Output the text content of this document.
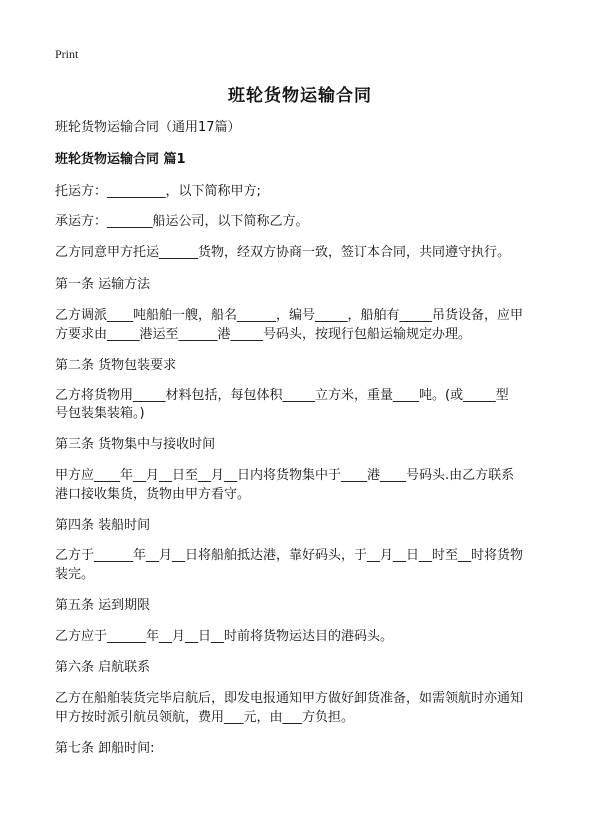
Print
班轮货物运输合同
班轮货物运输合同（通用17篇）
班轮货物运输合同 篇1
托运方：_________，以下简称甲方;
承运方：_______船运公司，以下简称乙方。
乙方同意甲方托运______货物，经双方协商一致，签订本合同，共同遵守执行。
第一条 运输方法
乙方调派____吨船舶一艘，船名______，编号_____，船舶有_____吊货设备，应甲
方要求由_____港运至______港_____号码头，按现行包船运输规定办理。
第二条 货物包装要求
乙方将货物用_____材料包括，每包体积_____立方米，重量____吨。(或_____型
号包装集装箱。)
第三条 货物集中与接收时间
甲方应____年__月__日至__月__日内将货物集中于____港____号码头.由乙方联系
港口接收集货，货物由甲方看守。
第四条 装船时间
乙方于______年__月__日将船舶抵达港，靠好码头，于__月__日__时至__时将货物
装完。
第五条 运到期限
乙方应于______年__月__日__时前将货物运达目的港码头。
第六条 启航联系
乙方在船舶装货完毕启航后，即发电报通知甲方做好卸货准备，如需领航时亦通知
甲方按时派引航员领航，费用___元，由___方负担。
第七条 卸船时间:
